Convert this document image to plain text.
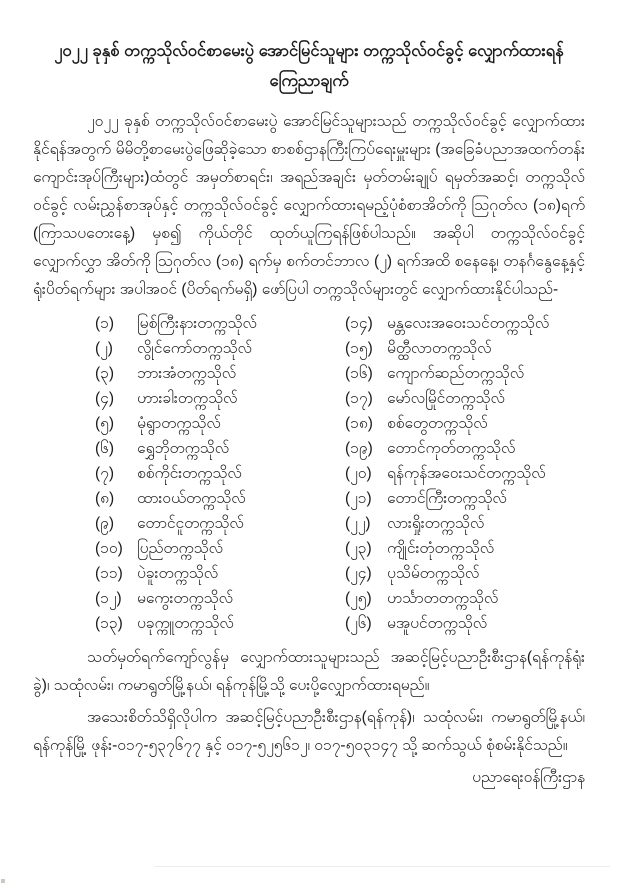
၂၀၂၂ ခုနှစ် တက္ကသိုလ်ဝင်စာမေးပွဲ အောင်မြင်သူများ တက္ကသိုလ်ဝင်ခွင့် လျှောက်ထားရန်
ကြေညာချက်

၂၀၂၂ ခုနှစ် တက္ကသိုလ်ဝင်စာမေးပွဲ အောင်မြင်သူများသည် တက္ကသိုလ်ဝင်ခွင့် လျှောက်ထားနိုင်ရန်အတွက် မိမိတို့စာမေးပွဲဖြေဆိုခဲ့သော စာစစ်ဌာနကြီးကြပ်ရေးမှူးများ (အခြေခံပညာအထက်တန်း ကျောင်းအုပ်ကြီးများ)ထံတွင် အမှတ်စာရင်း၊ အရည်အချင်း မှတ်တမ်းချုပ် ရမှတ်အဆင့်၊ တက္ကသိုလ်ဝင်ခွင့် လမ်းညွှန်စာအုပ်နှင့် တက္ကသိုလ်ဝင်ခွင့် လျှောက်ထားရမည့်ပုံစံစာအိတ်ကို သြဂုတ်လ (၁၈)ရက် (ကြာသပတေးနေ့) မှစ၍ ကိုယ်တိုင် ထုတ်ယူကြရန်ဖြစ်ပါသည်။ အဆိုပါ တက္ကသိုလ်ဝင်ခွင့်လျှောက်လွှာ အိတ်ကို သြဂုတ်လ (၁၈) ရက်မှ စက်တင်ဘာလ (၂) ရက်အထိ စနေနေ့၊ တနင်္ဂနွေနေ့နှင့် ရုံးပိတ်ရက်များ အပါအဝင် (ပိတ်ရက်မရှိ) ဖော်ပြပါ တက္ကသိုလ်များတွင် လျှောက်ထားနိုင်ပါသည်-

(၁)	မြစ်ကြီးနားတက္ကသိုလ်	(၁၄) မန္တလေးအဝေးသင်တက္ကသိုလ်
(၂)	လွိုင်ကော်တက္ကသိုလ်	(၁၅) မိတ္ထီလာတက္ကသိုလ်
(၃)	ဘားအံတက္ကသိုလ်	(၁၆) ကျောက်ဆည်တက္ကသိုလ်
(၄)	ဟားခါးတက္ကသိုလ်	(၁၇) မော်လမြိုင်တက္ကသိုလ်
(၅)	မုံရွာတက္ကသိုလ်	(၁၈) စစ်တွေတက္ကသိုလ်
(၆)	ရွှေဘိုတက္ကသိုလ်	(၁၉) တောင်ကုတ်တက္ကသိုလ်
(၇)	စစ်ကိုင်းတက္ကသိုလ်	(၂၀) ရန်ကုန်အဝေးသင်တက္ကသိုလ်
(၈)	ထားဝယ်တက္ကသိုလ်	(၂၁) တောင်ကြီးတက္ကသိုလ်
(၉)	တောင်ငူတက္ကသိုလ်	(၂၂)	လားရှိုးတက္ကသိုလ်
(၁၀) ပြည်တက္ကသိုလ်	(၂၃) ကျိုင်းတုံတက္ကသိုလ်
(၁၁) ပဲခူးတက္ကသိုလ်	(၂၄) ပုသိမ်တက္ကသိုလ်
(၁၂) မကွေးတက္ကသိုလ်	(၂၅) ဟင်္သာတတက္ကသိုလ်
(၁၃) ပခုက္ကူတက္ကသိုလ်	(၂၆) မအူပင်တက္ကသိုလ်

သတ်မှတ်ရက်ကျော်လွန်မှ လျှောက်ထားသူများသည် အဆင့်မြင့်ပညာဦးစီးဌာန(ရန်ကုန်ရုံးခွဲ)၊ သထုံလမ်း၊ ကမာရွတ်မြို့နယ်၊ ရန်ကုန်မြို့သို့ ပေးပို့လျှောက်ထားရမည်။

အသေးစိတ်သိရှိလိုပါက အဆင့်မြင့်ပညာဦးစီးဌာန(ရန်ကုန်)၊ သထုံလမ်း၊ ကမာရွတ်မြို့နယ်၊ ရန်ကုန်မြို့ ဖုန်း-၀၁၇-၅၃၇၆၇၇ နှင့် ၀၁၇-၅၂၅၆၁၂၊ ၀၁၇-၅၀၃၁၄၇ သို့ ဆက်သွယ် စုံစမ်းနိုင်သည်။

ပညာရေးဝန်ကြီးဌာန
